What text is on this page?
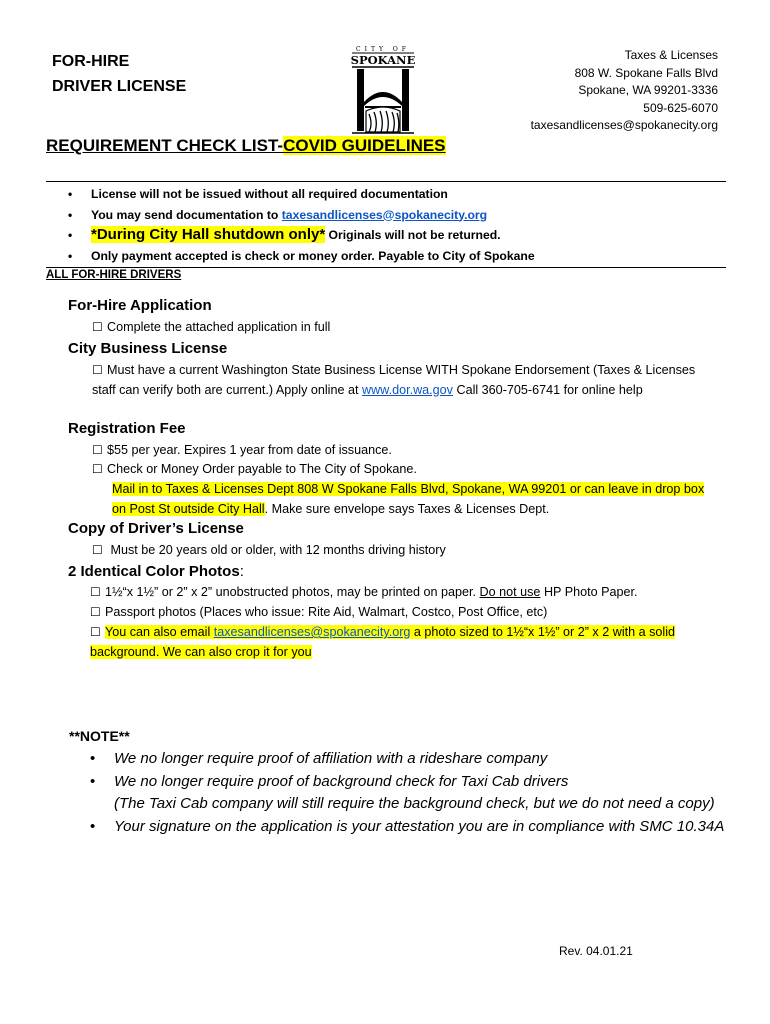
FOR-HIRE
DRIVER LICENSE
CITY OF
SPOKANE	Taxes & Licenses
808 W. Spokane Falls Blvd
Spokane, WA 99201-3336
509-625-6070
taxesandlicenses@spokanecity.org
REQUIREMENT CHECK LIST-COVID GUIDELINES
• License will not be issued without all required documentation
• You may send documentation to taxesandlicenses@spokanecity.org
• *During City Hall shutdown only* Originals will not be returned.
• Only payment accepted is check or money order. Payable to City of Spokane
ALL FOR-HIRE DRIVERS
For-Hire Application
☐ Complete the attached application in full
City Business License
☐ Must have a current Washington State Business License WITH Spokane Endorsement (Taxes & Licenses staff can verify both are current.) Apply online at www.dor.wa.gov Call 360-705-6741 for online help
Registration Fee
☐ $55 per year. Expires 1 year from date of issuance.
☐ Check or Money Order payable to The City of Spokane.
Mail in to Taxes & Licenses Dept 808 W Spokane Falls Blvd, Spokane, WA 99201 or can leave in drop box on Post St outside City Hall. Make sure envelope says Taxes & Licenses Dept.
Copy of Driver’s License
☐ Must be 20 years old or older, with 12 months driving history
2 Identical Color Photos:
☐ 1½“x 1½” or 2” x 2” unobstructed photos, may be printed on paper. Do not use HP Photo Paper.
☐ Passport photos (Places who issue: Rite Aid, Walmart, Costco, Post Office, etc)
☐ You can also email taxesandlicenses@spokanecity.org a photo sized to 1½“x 1½” or 2” x 2 with a solid background. We can also crop it for you
**NOTE**
• We no longer require proof of affiliation with a rideshare company
• We no longer require proof of background check for Taxi Cab drivers
(The Taxi Cab company will still require the background check, but we do not need a copy)
• Your signature on the application is your attestation you are in compliance with SMC 10.34A
Rev. 04.01.21
